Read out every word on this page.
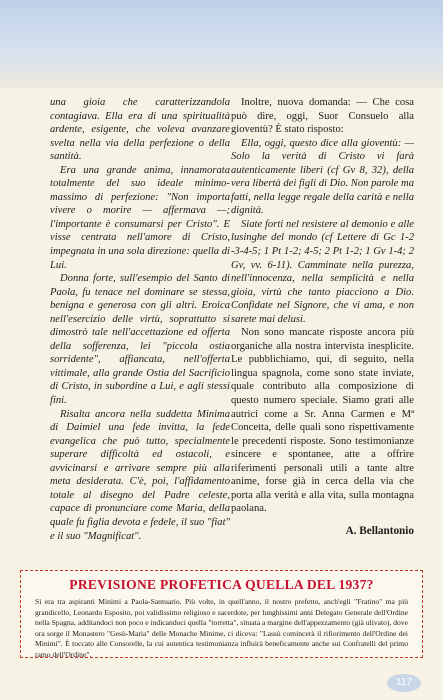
una gioia che caratterizzandola contagiava. Ella era di una spiritualità ardente, esigente, che voleva avanzare svelta nella via della perfezione o della santità.

Era una grande anima, innamorata totalmente del suo ideale minimo-massimo di perfezione: "Non importa vivere o morire — affermava —; l'importante è consumarsi per Cristo". E visse centrata nell'amore di Cristo, impegnata in una sola direzione: quella di Lui.

Donna forte, sull'esempio del Santo di Paola, fu tenace nel dominare se stessa, benigna e generosa con gli altri. Eroica nell'esercizio delle virtù, soprattutto si dimostrò tale nell'accettazione ed offerta della sofferenza, lei "piccola ostia sorridente", affiancata, nell'offerta vittimale, alla grande Ostia del Sacrificio di Cristo, in subordine a Lui, e agli stessi fini.

Risalta ancora nella suddetta Minima di Daimiel una fede invitta, la fede evangelica che può tutto, specialmente superare difficoltà ed ostacoli, e avvicinarsi e arrivare sempre più alla meta desiderata. C'è, poi, l'affidamento totale al disegno del Padre celeste, capace di pronunciare come Maria, della quale fu figlia devota e fedele, il suo "fiat" e il suo "Magnificat".

Inoltre, nuova domanda: — Che cosa può dire, oggi, Suor Consuelo alla gioventù? È stato risposto:

Ella, oggi, questo dice alla gioventù: — Solo la verità di Cristo vi farà autenticamente liberi (cf Gv 8, 32), della vera libertà dei figli di Dio. Non parole ma fatti, nella legge regale della carità e nella dignità.

Siate forti nel resistere al demonio e alle lusinghe del mondo (cf Lettere di Gc 1-2 -3-4-5; 1 Pt 1-2; 4-5; 2 Pt 1-2; 1 Gv 1-4; 2 Gv, vv. 6-11). Camminate nella purezza, nell'innocenza, nella semplicità e nella gioia, virtù che tanto piacciono a Dio. Confidate nel Signore, che vi ama, e non sarete mai delusi.

Non sono mancate risposte ancora più organiche alla nostra intervista inesplicite. Le pubblichiamo, qui, di seguito, nella lingua spagnola, come sono state inviate, quale contributo alla composizione di questo numero speciale. Siamo grati alle autrici come a Sr. Anna Carmen e Mª Concetta, delle quali sono rispettivamente le precedenti risposte. Sono testimonianze sincere e spontanee, atte a offrire riferimenti personali utili a tante altre anime, forse già in cerca della via che porta alla verità e alla vita, sulla montagna paolana.

A. Bellantonio

PREVISIONE PROFETICA QUELLA DEL 1937?
Si era tra aspiranti Minimi a Paola-Santuario. Più volte, in quell'anno, il nostro prefetto, anch'egli "Fratino" ma più grandicello, Leonardo Esposito, poi validissimo religioso e sacerdote, per lunghissimi anni Delegato Generale dell'Ordine nella Spagna, additandoci non poco e indicandoci quella "torretta", situata a margine dell'appezzamento (già ulivato), dove ora sorge il Monastero "Gesù-Maria" delle Monache Minime, ci diceva: "Lassù comincerà il rifiorimento dell'Ordine dei Minimi". È toccato alle Consorelle, la cui autentica testimonianza influirà beneficamente anche sui Confratelli del primo ramo dell'Ordine".
117
